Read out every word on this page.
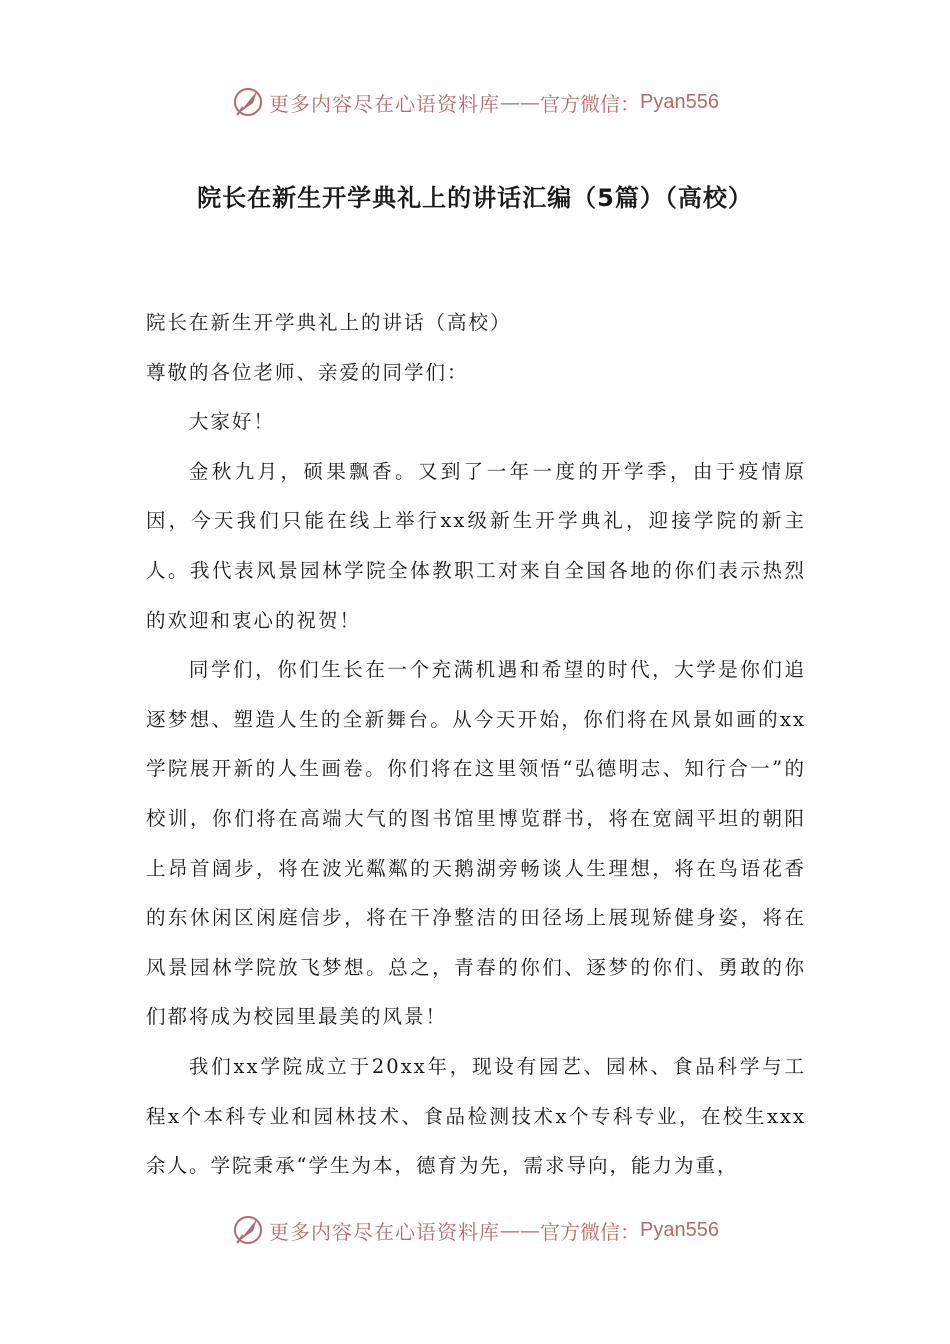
更多内容尽在心语资料库 —— 官方微信： Pyan556
院长在新生开学典礼上的讲话汇编（5篇）（高校）

院长在新生开学典礼上的讲话（高校）

尊敬的各位老师、亲爱的同学们：

大家好！

金秋九月，硕果飘香。又到了一年一度的开学季，由于疫情原因，今天我们只能在线上举行xx级新生开学典礼，迎接学院的新主人。我代表风景园林学院全体教职工对来自全国各地的你们表示热烈的欢迎和衷心的祝贺！

同学们，你们生长在一个充满机遇和希望的时代，大学是你们追逐梦想、塑造人生的全新舞台。从今天开始，你们将在风景如画的xx学院展开新的人生画卷。你们将在这里领悟“弘德明志、知行合一”的校训，你们将在高端大气的图书馆里博览群书，将在宽阔平坦的朝阳上昂首阔步，将在波光粼粼的天鹅湖旁畅谈人生理想，将在鸟语花香的东休闲区闲庭信步，将在干净整洁的田径场上展现矫健身姿，将在风景园林学院放飞梦想。总之，青春的你们、逐梦的你们、勇敢的你们都将成为校园里最美的风景！

我们xx学院成立于20xx年，现设有园艺、园林、食品科学与工程x个本科专业和园林技术、食品检测技术x个专科专业，在校生xxx余人。学院秉承“学生为本，德育为先，需求导向，能力为重，

更多内容尽在心语资料库 —— 官方微信： Pyan556
